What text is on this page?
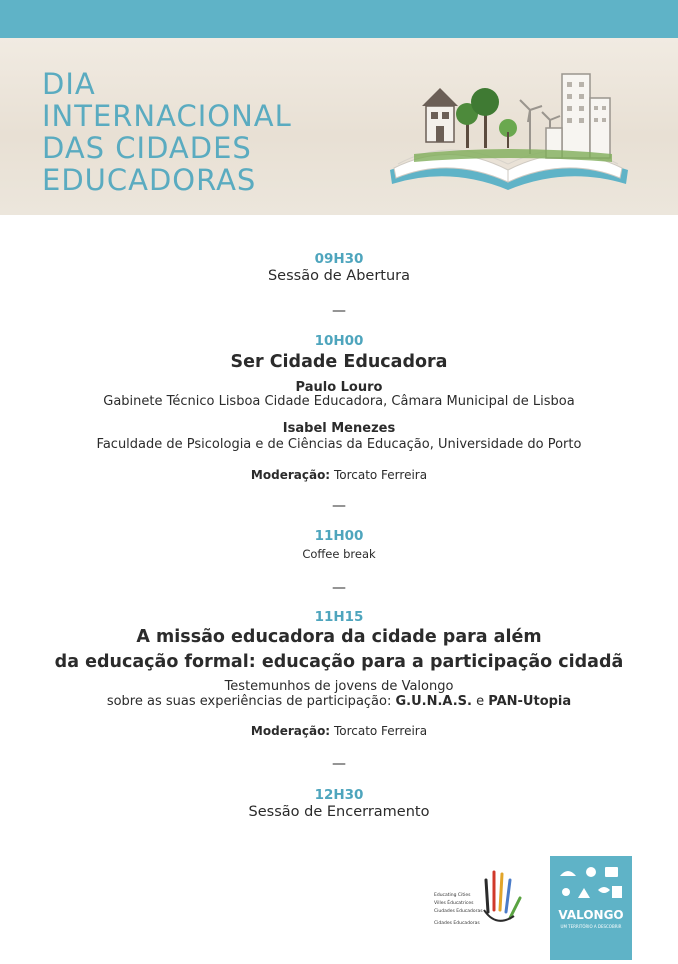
DIA
INTERNACIONAL
DAS CIDADES
EDUCADORAS
09H30
Sessão de Abertura
—
10H00
Ser Cidade Educadora
Paulo Louro
Gabinete Técnico Lisboa Cidade Educadora, Câmara Municipal de Lisboa
Isabel Menezes
Faculdade de Psicologia e de Ciências da Educação, Universidade do Porto
Moderação: Torcato Ferreira
—
11H00
Coffee break
—
11H15
A missão educadora da cidade para além
da educação formal: educação para a participação cidadã
Testemunhos de jovens de Valongo
sobre as suas experiências de participação: G.U.N.A.S. e PAN-Utopia
Moderação: Torcato Ferreira
—
12H30
Sessão de Encerramento
Educating Cities
Villes Éducatrices
Ciudades Educadoras
Cidades Educadoras
VALONGO
UM TERRITÓRIO A DESCOBRIR
